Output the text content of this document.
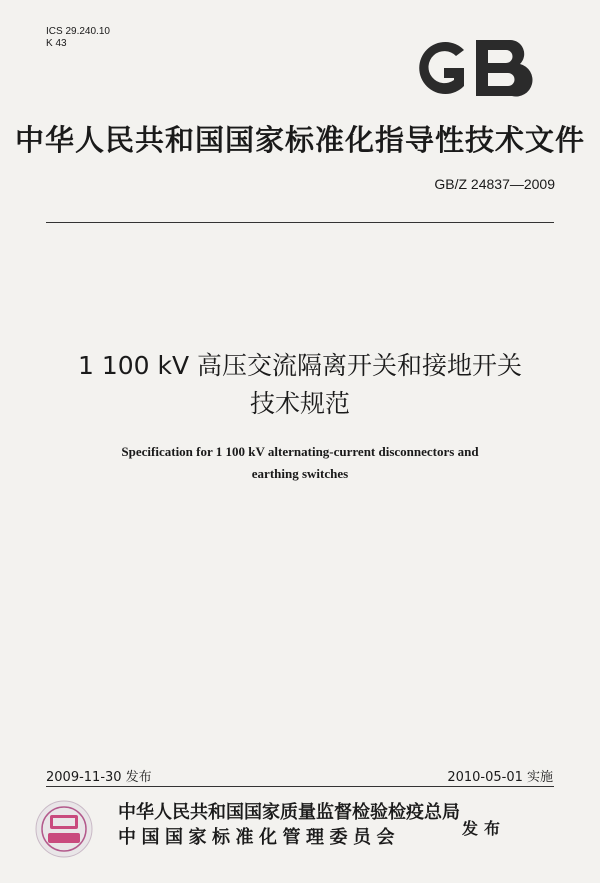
ICS 29.240.10
K 43
中华人民共和国国家标准化指导性技术文件
GB/Z 24837—2009
1 100 kV 高压交流隔离开关和接地开关
技术规范
Specification for 1 100 kV alternating-current disconnectors and
earthing switches
2009-11-30 发布	2010-05-01 实施
中华人民共和国国家质量监督检验检疫总局
中国国家标准化管理委员会	发布
